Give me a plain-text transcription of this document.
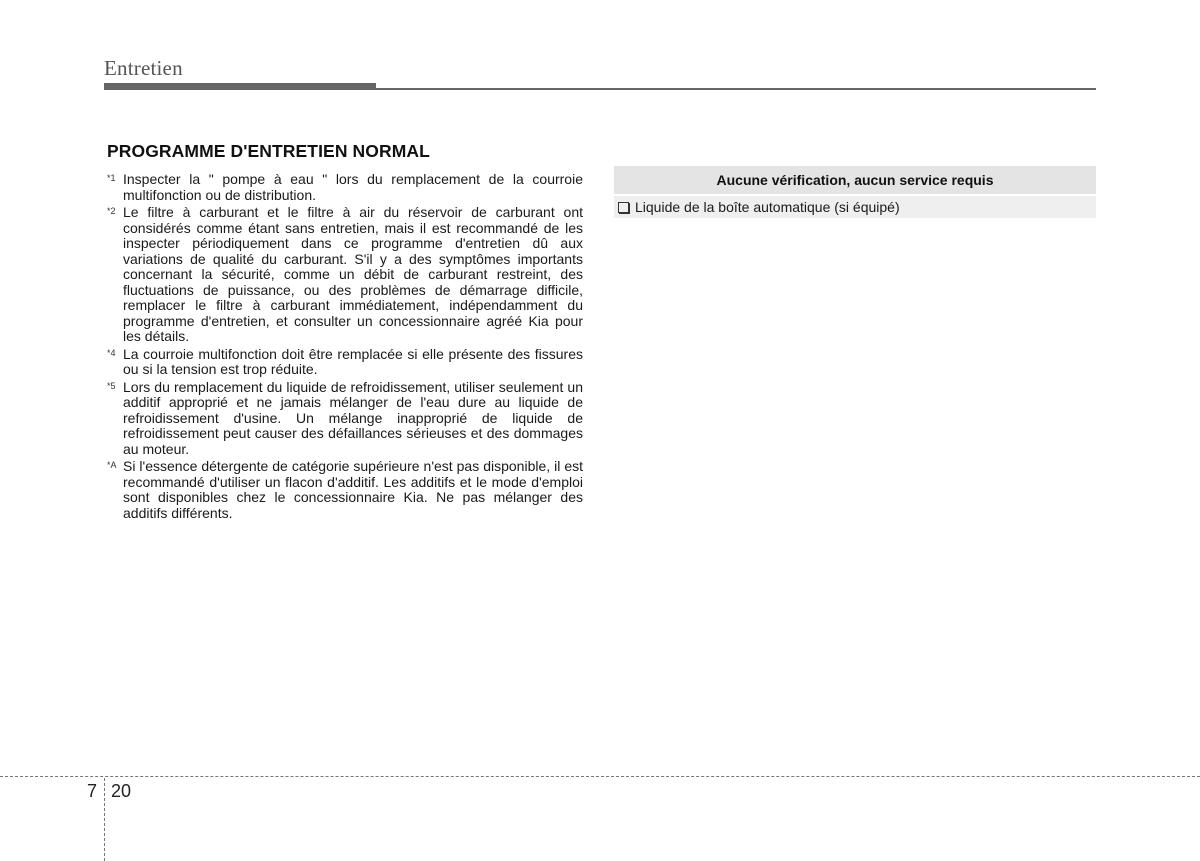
Entretien
PROGRAMME D'ENTRETIEN NORMAL
*1 Inspecter la " pompe à eau " lors du remplacement de la courroie multifonction ou de distribution.
*2 Le filtre à carburant et le filtre à air du réservoir de carburant ont considérés comme étant sans entretien, mais il est recommandé de les inspecter périodiquement dans ce programme d'entretien dû aux variations de qualité du carburant. S'il y a des symptômes importants concernant la sécurité, comme un débit de carburant restreint, des fluctuations de puissance, ou des problèmes de démarrage difficile, remplacer le filtre à carburant immédiatement, indépendamment du programme d'entretien, et consulter un concessionnaire agréé Kia pour les détails.
*4 La courroie multifonction doit être remplacée si elle présente des fissures ou si la tension est trop réduite.
*5 Lors du remplacement du liquide de refroidissement, utiliser seulement un additif approprié et ne jamais mélanger de l'eau dure au liquide de refroidissement d'usine. Un mélange inapproprié de liquide de refroidissement peut causer des défaillances sérieuses et des dommages au moteur.
*A Si l'essence détergente de catégorie supérieure n'est pas disponible, il est recommandé d'utiliser un flacon d'additif. Les additifs et le mode d'emploi sont disponibles chez le concessionnaire Kia. Ne pas mélanger des additifs différents.
Aucune vérification, aucun service requis
Liquide de la boîte automatique (si équipé)
7 20
